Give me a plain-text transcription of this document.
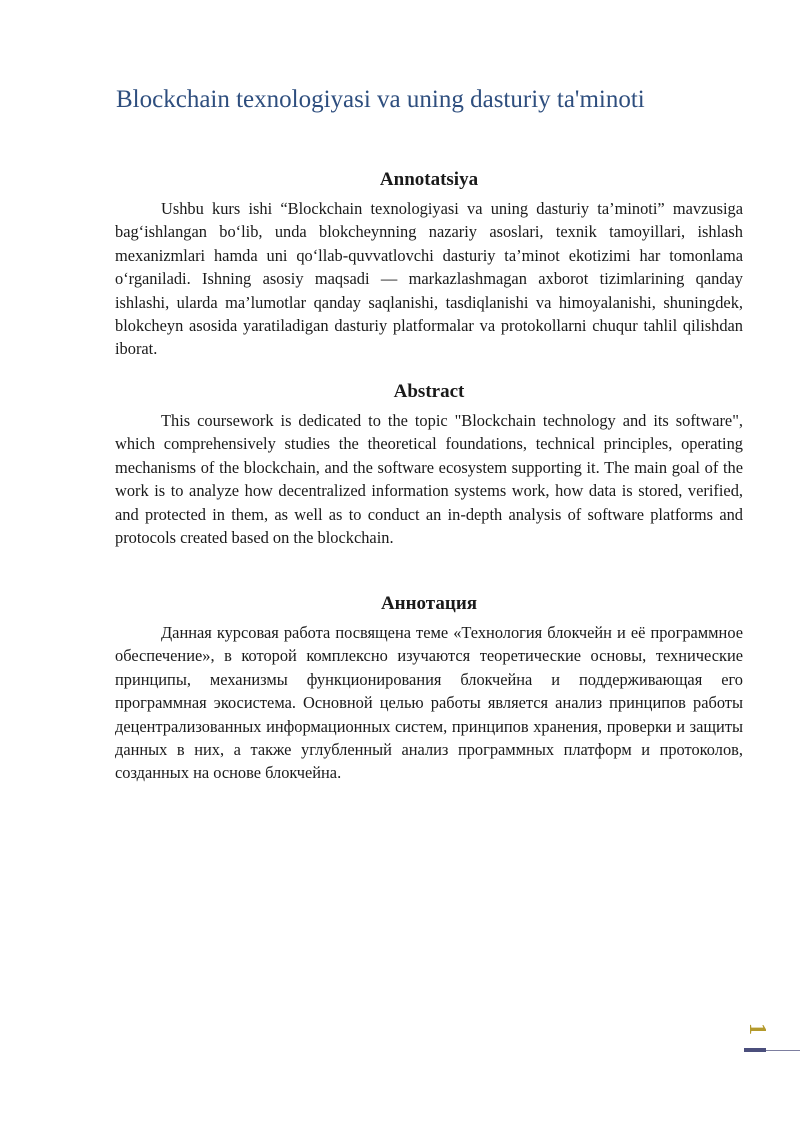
Blockchain texnologiyasi va uning dasturiy ta'minoti
Annotatsiya

Ushbu kurs ishi “Blockchain texnologiyasi va uning dasturiy ta’minoti” mavzusiga bag‘ishlangan bo‘lib, unda blokcheynning nazariy asoslari, texnik tamoyillari, ishlash mexanizmlari hamda uni qo‘llab-quvvatlovchi dasturiy ta’minot ekotizimi har tomonlama o‘rganiladi. Ishning asosiy maqsadi — markazlashmagan axborot tizimlarining qanday ishlashi, ularda ma’lumotlar qanday saqlanishi, tasdiqlanishi va himoyalanishi, shuningdek, blokcheyn asosida yaratiladigan dasturiy platformalar va protokollarni chuqur tahlil qilishdan iborat.

Abstract

This coursework is dedicated to the topic "Blockchain technology and its software", which comprehensively studies the theoretical foundations, technical principles, operating mechanisms of the blockchain, and the software ecosystem supporting it. The main goal of the work is to analyze how decentralized information systems work, how data is stored, verified, and protected in them, as well as to conduct an in-depth analysis of software platforms and protocols created based on the blockchain.

Аннотация

Данная курсовая работа посвящена теме «Технология блокчейн и её программное обеспечение», в которой комплексно изучаются теоретические основы, технические принципы, механизмы функционирования блокчейна и поддерживающая его программная экосистема. Основной целью работы является анализ принципов работы децентрализованных информационных систем, принципов хранения, проверки и защиты данных в них, а также углубленный анализ программных платформ и протоколов, созданных на основе блокчейна.

1
